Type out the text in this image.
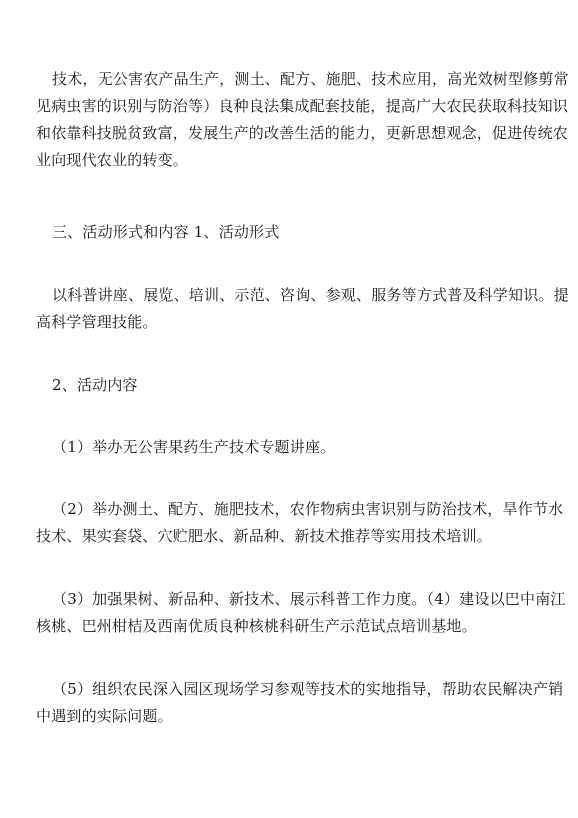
技术，无公害农产品生产，测土、配方、施肥、技术应用，高光效树型修剪常
见病虫害的识别与防治等）良种良法集成配套技能，提高广大农民获取科技知识
和依靠科技脱贫致富，发展生产的改善生活的能力，更新思想观念，促进传统农
业向现代农业的转变。
三、活动形式和内容 1、活动形式
以科普讲座、展览、培训、示范、咨询、参观、服务等方式普及科学知识。提
高科学管理技能。
2、活动内容
（1）举办无公害果药生产技术专题讲座。
（2）举办测土、配方、施肥技术，农作物病虫害识别与防治技术，旱作节水
技术、果实套袋、穴贮肥水、新品种、新技术推荐等实用技术培训。
（3）加强果树、新品种、新技术、展示科普工作力度。（4）建设以巴中南江
核桃、巴州柑桔及西南优质良种核桃科研生产示范试点培训基地。
（5）组织农民深入园区现场学习参观等技术的实地指导，帮助农民解决产销
中遇到的实际问题。
